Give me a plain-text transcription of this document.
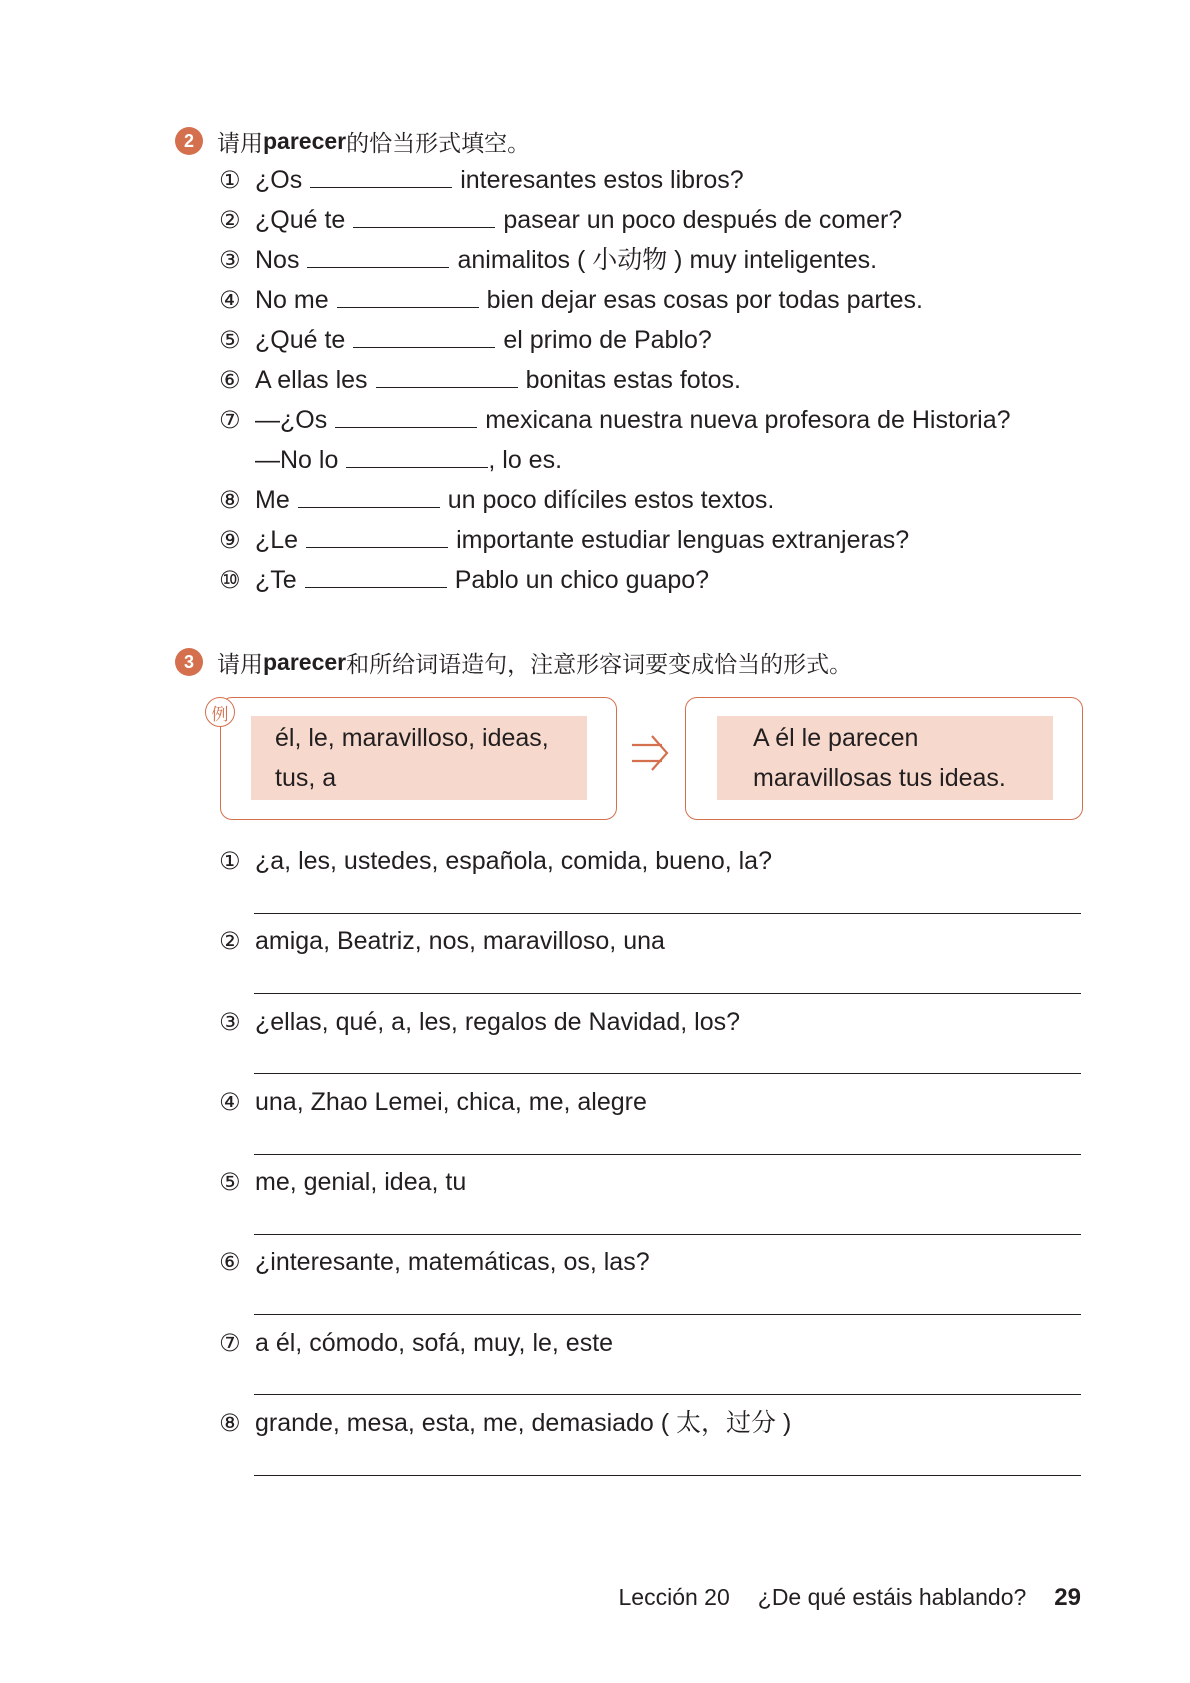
2	请用 parecer 的恰当形式填空。
① ¿Os	interesantes estos libros?
② ¿Qué te	pasear un poco después de comer?
③ Nos	animalitos ( 小动物 ) muy inteligentes.
④ No me	bien dejar esas cosas por todas partes.
⑤ ¿Qué te	el primo de Pablo?
⑥ A ellas les	bonitas estas fotos.
⑦ —¿Os	mexicana nuestra nueva profesora de Historia?
—No lo	, lo es.
⑧ Me	un poco difíciles estos textos.
⑨ ¿Le	importante estudiar lenguas extranjeras?
⑩ ¿Te	Pablo un chico guapo?
3	请用 parecer 和所给词语造句，注意形容词要变成恰当的形式。
él, le, maravilloso, ideas,
tus, a
例
A él le parecen
maravillosas tus ideas.
① ¿a, les, ustedes, española, comida, bueno, la?
② amiga, Beatriz, nos, maravilloso, una
③ ¿ellas, qué, a, les, regalos de Navidad, los?
④ una, Zhao Lemei, chica, me, alegre
⑤ me, genial, idea, tu
⑥ ¿interesante, matemáticas, os, las?
⑦ a él, cómodo, sofá, muy, le, este
⑧ grande, mesa, esta, me, demasiado ( 太，过分 )
Lección 20 ¿De qué estáis hablando? 29
